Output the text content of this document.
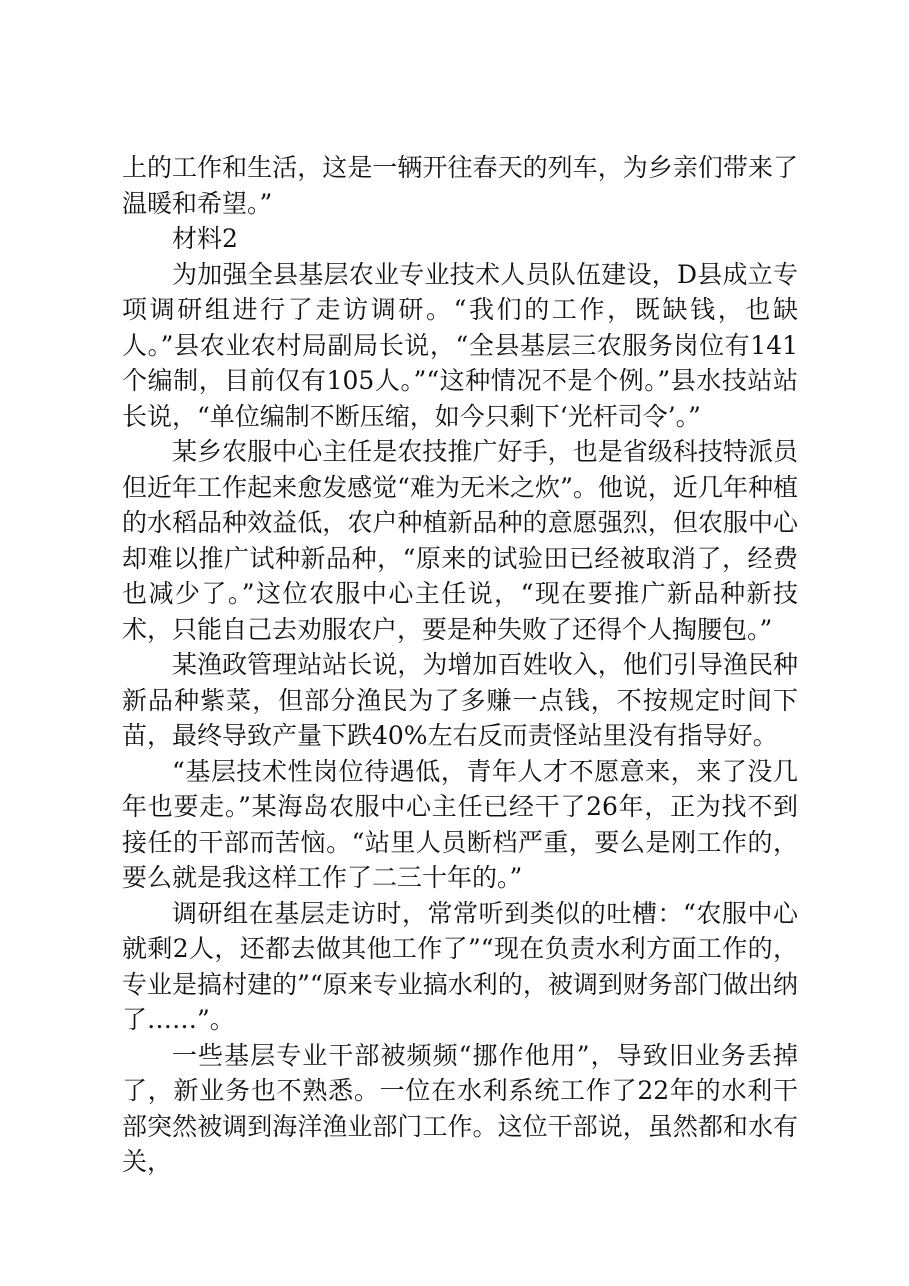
上的工作和生活，这是一辆开往春天的列车，为乡亲们带来了温暖和希望。”

材料2

为加强全县基层农业专业技术人员队伍建设，D县成立专项调研组进行了走访调研。“我们的工作，既缺钱，也缺人。”县农业农村局副局长说，“全县基层三农服务岗位有141个编制，目前仅有105人。”“这种情况不是个例。”县水技站站长说，“单位编制不断压缩，如今只剩下‘光杆司令’。”

某乡农服中心主任是农技推广好手，也是省级科技特派员但近年工作起来愈发感觉“难为无米之炊”。他说，近几年种植的水稻品种效益低，农户种植新品种的意愿强烈，但农服中心却难以推广试种新品种，“原来的试验田已经被取消了，经费也减少了。”这位农服中心主任说，“现在要推广新品种新技术，只能自己去劝服农户，要是种失败了还得个人掏腰包。”

某渔政管理站站长说，为增加百姓收入，他们引导渔民种新品种紫菜，但部分渔民为了多赚一点钱，不按规定时间下苗，最终导致产量下跌40%左右反而责怪站里没有指导好。

“基层技术性岗位待遇低，青年人才不愿意来，来了没几年也要走。”某海岛农服中心主任已经干了26年，正为找不到接任的干部而苦恼。“站里人员断档严重，要么是刚工作的，要么就是我这样工作了二三十年的。”

调研组在基层走访时，常常听到类似的吐槽：“农服中心就剩2人，还都去做其他工作了”“现在负责水利方面工作的，专业是搞村建的”“原来专业搞水利的，被调到财务部门做出纳了……”。

一些基层专业干部被频频“挪作他用”，导致旧业务丢掉了，新业务也不熟悉。一位在水利系统工作了22年的水利干部突然被调到海洋渔业部门工作。这位干部说，虽然都和水有关，
